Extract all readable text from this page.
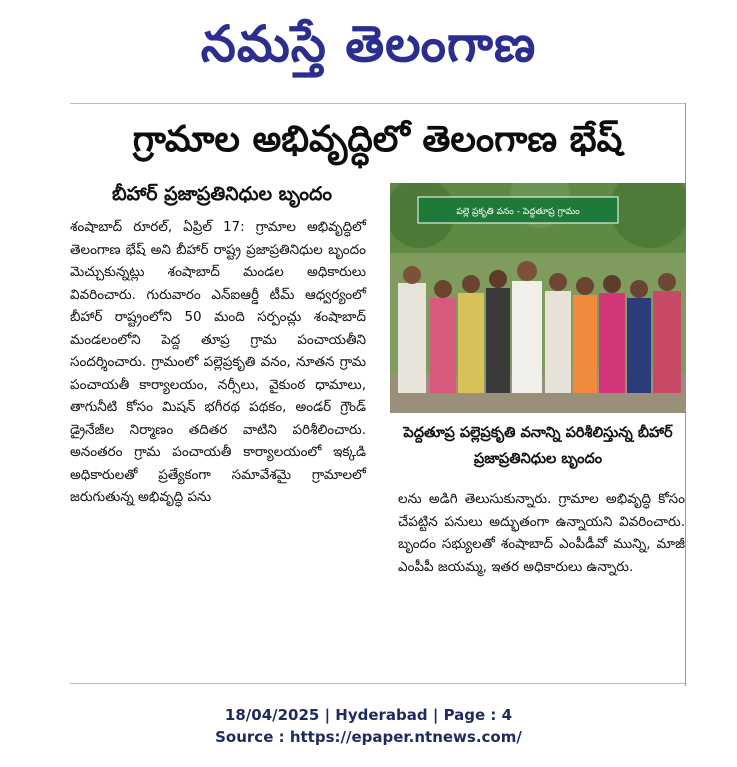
నమస్తే తెలంగాణ
గ్రామాల అభివృద్ధిలో తెలంగాణ భేష్
బీహార్ ప్రజాప్రతినిధుల బృందం

శంషాబాద్ రూరల్, ఏప్రిల్ 17: గ్రామాల అభివృద్ధిలో తెలంగాణ భేష్ అని బీహార్ రాష్ట్ర ప్రజాప్రతినిధుల బృందం మెచ్చుకున్నట్లు శంషాబాద్ మండల అధికారులు వివరించారు. గురువారం ఎన్ఐఆర్డీ టీమ్ ఆధ్వర్యంలో బీహార్ రాష్ట్రంలోని 50 మంది సర్పంచ్లు శంషాబాద్ మండలంలోని పెద్ద తూప్ర గ్రామ పంచాయతీని సందర్శించారు. గ్రామంలో పల్లెప్రకృతి వనం, నూతన గ్రామ పంచాయతీ కార్యాలయం, నర్సీలు, వైకుంఠ ధామాలు, తాగునీటి కోసం మిషన్ భగీరథ పథకం, అండర్ గ్రౌండ్ డ్రైనేజీల నిర్మాణం తదితర వాటిని పరిశీలించారు. అనంతరం గ్రామ పంచాయతీ కార్యాలయంలో ఇక్కడి అధికారులతో ప్రత్యేకంగా సమావేశమై గ్రామాలలో జరుగుతున్న అభివృద్ధి పను

పల్లె ప్రకృతి వనం - పెద్దతూప్ర గ్రామం
పెద్దతూప్ర పల్లెప్రకృతి వనాన్ని పరిశీలిస్తున్న బీహార్ ప్రజాప్రతినిధుల బృందం

లను అడిగి తెలుసుకున్నారు. గ్రామాల అభివృద్ధి కోసం చేపట్టిన పనులు అద్భుతంగా ఉన్నాయని వివరించారు. బృందం సభ్యులతో శంషాబాద్ ఎంపీడీవో మున్ని, మాజీ ఎంపీపీ జయమ్మ, ఇతర అధికారులు ఉన్నారు.

18/04/2025 | Hyderabad | Page : 4
Source : https://epaper.ntnews.com/
